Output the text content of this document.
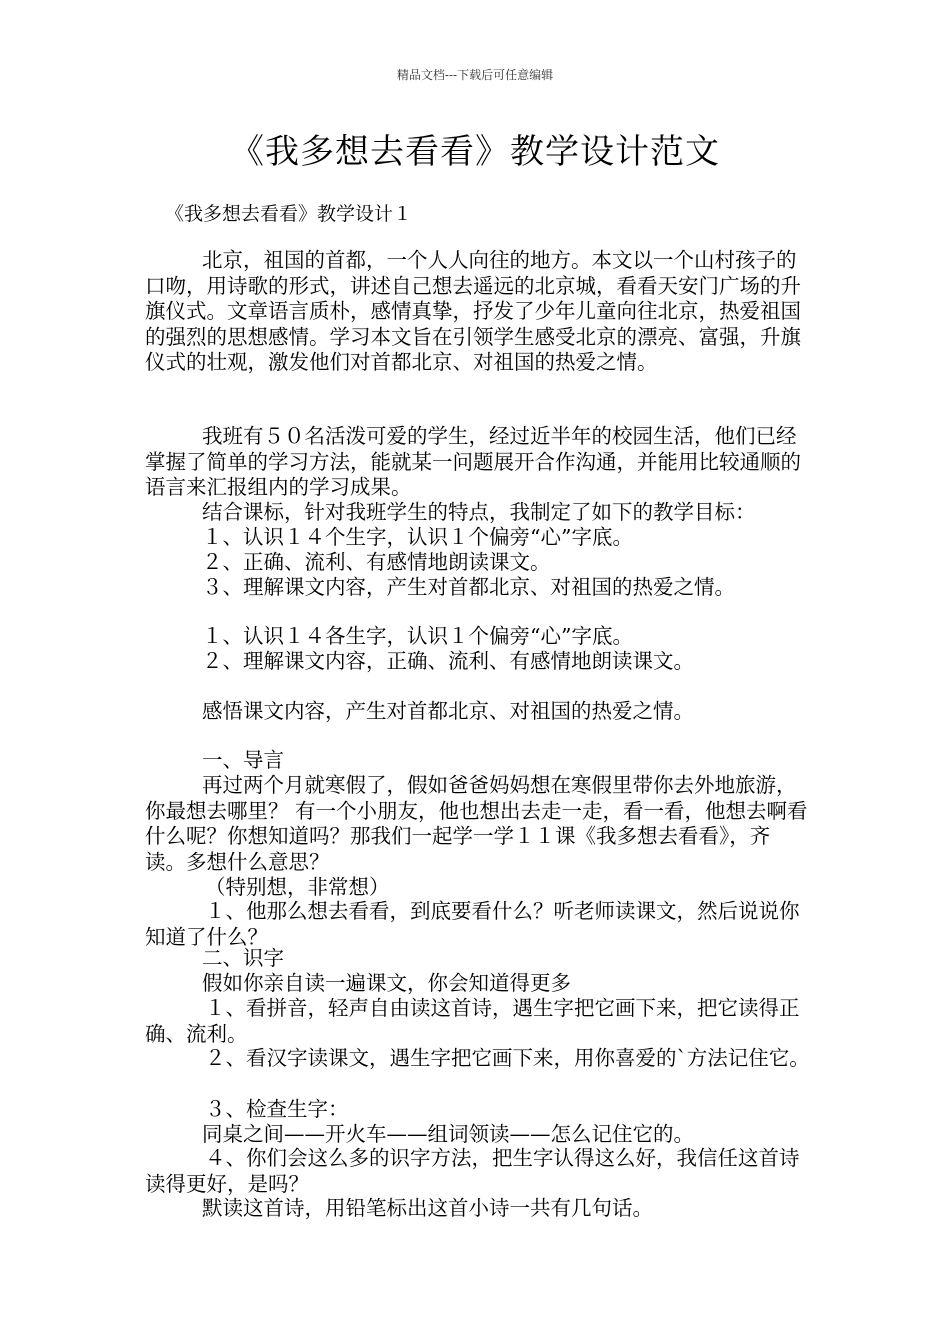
精品文档---下载后可任意编辑
《我多想去看看》教学设计范文
《我多想去看看》教学设计１
北京，祖国的首都，一个人人向往的地方。本文以一个山村孩子的口吻，用诗歌的形式，讲述自己想去遥远的北京城，看看天安门广场的升旗仪式。文章语言质朴，感情真挚，抒发了少年儿童向往北京，热爱祖国的强烈的思想感情。学习本文旨在引领学生感受北京的漂亮、富强，升旗仪式的壮观，激发他们对首都北京、对祖国的热爱之情。
我班有５０名活泼可爱的学生，经过近半年的校园生活，他们已经掌握了简单的学习方法，能就某一问题展开合作沟通，并能用比较通顺的语言来汇报组内的学习成果。
结合课标，针对我班学生的特点，我制定了如下的教学目标：
１、认识１４个生字，认识１个偏旁“心”字底。
２、正确、流利、有感情地朗读课文。
３、理解课文内容，产生对首都北京、对祖国的热爱之情。
１、认识１４各生字，认识１个偏旁“心”字底。
２、理解课文内容，正确、流利、有感情地朗读课文。
感悟课文内容，产生对首都北京、对祖国的热爱之情。
一、导言
再过两个月就寒假了，假如爸爸妈妈想在寒假里带你去外地旅游，你最想去哪里？ 有一个小朋友，他也想出去走一走，看一看，他想去啊看什么呢？你想知道吗？那我们一起学一学１１课《我多想去看看》，齐读。多想什么意思？
（特别想，非常想）
１、他那么想去看看，到底要看什么？听老师读课文，然后说说你知道了什么？
二、识字
假如你亲自读一遍课文，你会知道得更多
１、看拼音，轻声自由读这首诗，遇生字把它画下来，把它读得正确、流利。
２、看汉字读课文，遇生字把它画下来，用你喜爱的`方法记住它。
３、检查生字：
同桌之间——开火车——组词领读——怎么记住它的。
４、你们会这么多的识字方法，把生字认得这么好，我信任这首诗读得更好，是吗？
默读这首诗，用铅笔标出这首小诗一共有几句话。
